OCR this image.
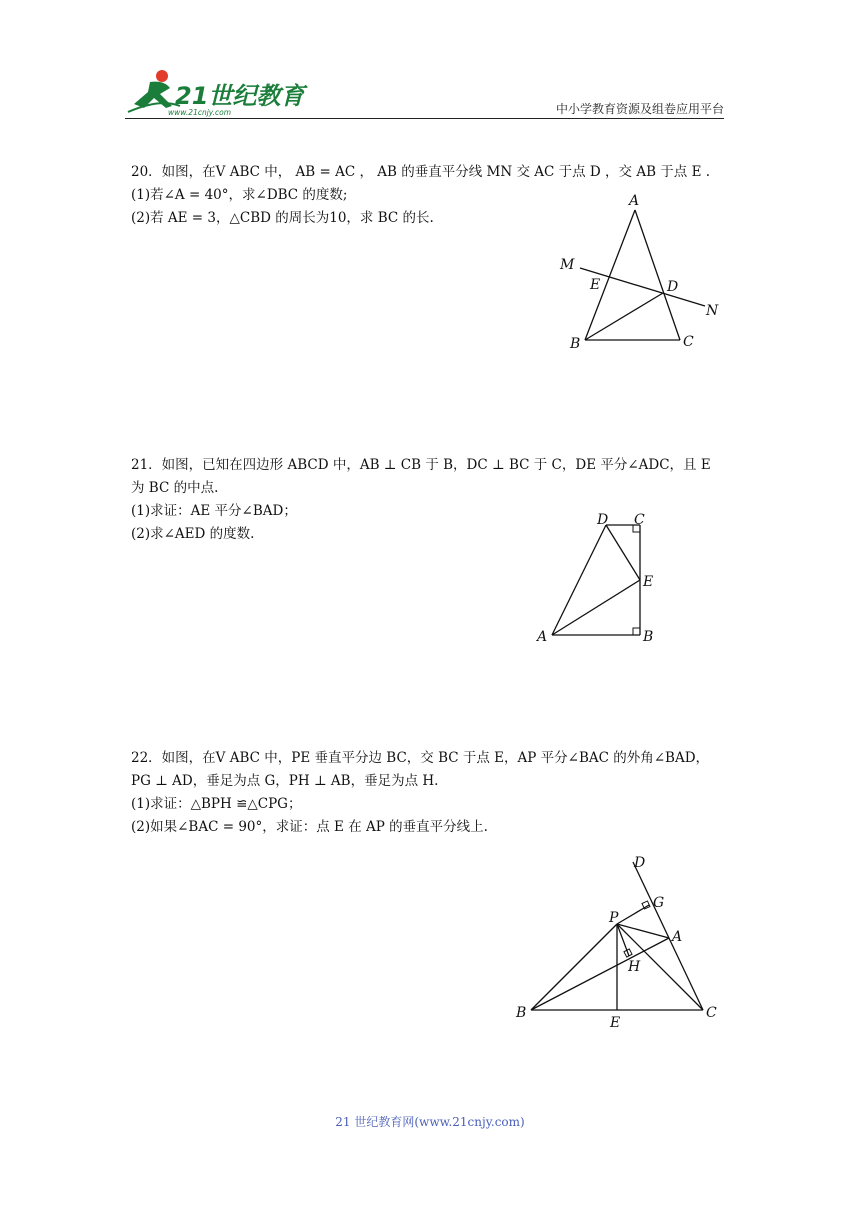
21世纪教育
www.21cnjy.com	中小学教育资源及组卷应用平台

20．如图，在V ABC 中， AB = AC ， AB 的垂直平分线 MN 交 AC 于点 D ，交 AB 于点 E .

(1)若∠A = 40°，求∠DBC 的度数;

(2)若 AE = 3，△CBD 的周长为10，求 BC 的长.

A
M
E	D
N
B	C

21．如图，已知在四边形 ABCD 中，AB ⊥ CB 于 B，DC ⊥ BC 于 C，DE 平分∠ADC，且 E

为 BC 的中点.

(1)求证：AE 平分∠BAD；

(2)求∠AED 的度数.

D C
E
A	B

22．如图，在V ABC 中，PE 垂直平分边 BC，交 BC 于点 E，AP 平分∠BAC 的外角∠BAD，

PG ⊥ AD，垂足为点 G，PH ⊥ AB，垂足为点 H.

(1)求证：△BPH ≌△CPG；

(2)如果∠BAC = 90°，求证：点 E 在 AP 的垂直平分线上.

D
G
P
A
H
B
E
C
21 世纪教育网(www.21cnjy.com)
